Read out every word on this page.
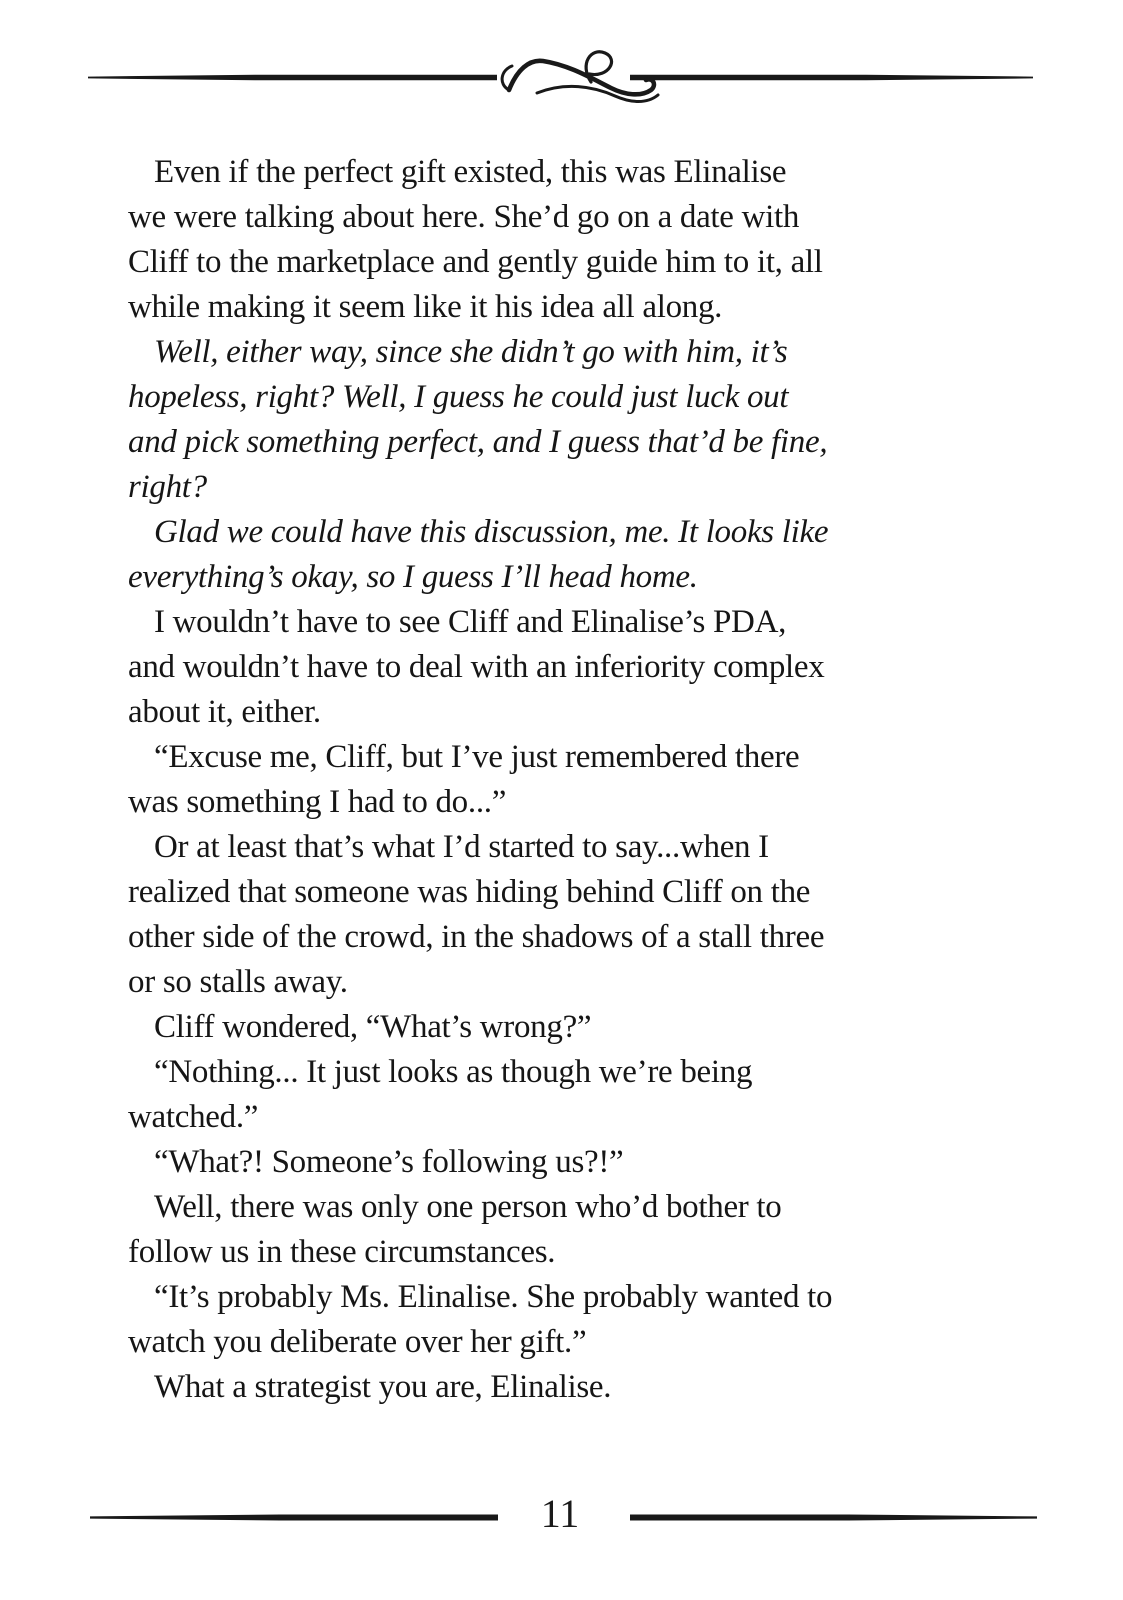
Even if the perfect gift existed, this was Elinalise
we were talking about here. She’d go on a date with
Cliff to the marketplace and gently guide him to it, all
while making it seem like it his idea all along.
Well, either way, since she didn’t go with him, it’s
hopeless, right? Well, I guess he could just luck out
and pick something perfect, and I guess that’d be fine,
right?
Glad we could have this discussion, me. It looks like
everything’s okay, so I guess I’ll head home.
I wouldn’t have to see Cliff and Elinalise’s PDA,
and wouldn’t have to deal with an inferiority complex
about it, either.
“Excuse me, Cliff, but I’ve just remembered there
was something I had to do...”
Or at least that’s what I’d started to say...when I
realized that someone was hiding behind Cliff on the
other side of the crowd, in the shadows of a stall three
or so stalls away.
Cliff wondered, “What’s wrong?”
“Nothing... It just looks as though we’re being
watched.”
“What?! Someone’s following us?!”
Well, there was only one person who’d bother to
follow us in these circumstances.
“It’s probably Ms. Elinalise. She probably wanted to
watch you deliberate over her gift.”
What a strategist you are, Elinalise.
11
